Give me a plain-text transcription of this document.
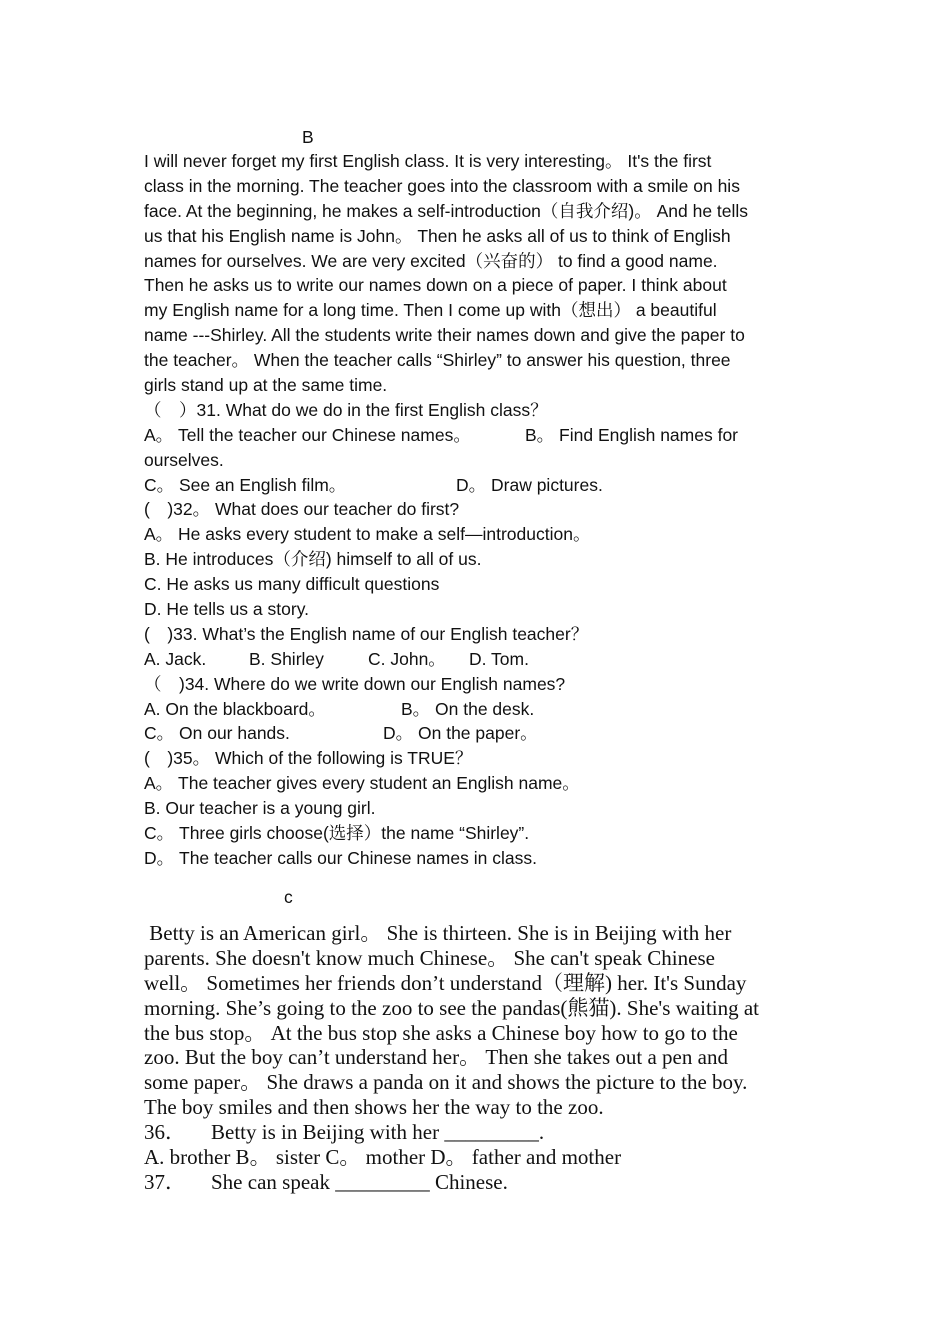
B
I will never forget my first English class. It is very interesting。 It's the first
class in the morning. The teacher goes into the classroom with a smile on his
face. At the beginning, he makes a self-introduction（自我介绍)。 And he tells
us that his English name is John。 Then he asks all of us to think of English
names for ourselves. We are very excited（兴奋的） to find a good name.
Then he asks us to write our names down on a piece of paper. I think about
my English name for a long time. Then I come up with（想出） a beautiful
name ---Shirley. All the students write their names down and give the paper to
the teacher。 When the teacher calls “Shirley” to answer his question, three
girls stand up at the same time.
（　）31. What do we do in the first English class？
A。 Tell the teacher our Chinese names。	B。 Find English names for
ourselves.
C。 See an English film。	D。 Draw pictures.
(　)32。 What does our teacher do first?
A。 He asks every student to make a self—introduction。
B. He introduces（介绍) himself to all of us.
C. He asks us many difficult questions
D. He tells us a story.
(　)33. What’s the English name of our English teacher？
A. Jack. B. Shirley	C. John。 D. Tom.
（　)34. Where do we write down our English names?
A. On the blackboard。	B。 On the desk.
C。 On our hands.	D。 On the paper。
(　)35。 Which of the following is TRUE？
A。 The teacher gives every student an English name。
B. Our teacher is a young girl.
C。 Three girls choose(选择）the name “Shirley”.
D。 The teacher calls our Chinese names in class.
c
Betty is an American girl。 She is thirteen. She is in Beijing with her
parents. She doesn't know much Chinese。 She can't speak Chinese
well。 Sometimes her friends don’t understand（理解) her. It's Sunday
morning. She’s going to the zoo to see the pandas(熊猫). She's waiting at
the bus stop。 At the bus stop she asks a Chinese boy how to go to the
zoo. But the boy can’t understand her。 Then she takes out a pen and
some paper。 She draws a panda on it and shows the picture to the boy.
The boy smiles and then shows her the way to the zoo.
36． Betty is in Beijing with her _________.
A. brother B。 sister C。 mother D。 father and mother
37． She can speak _________ Chinese.
